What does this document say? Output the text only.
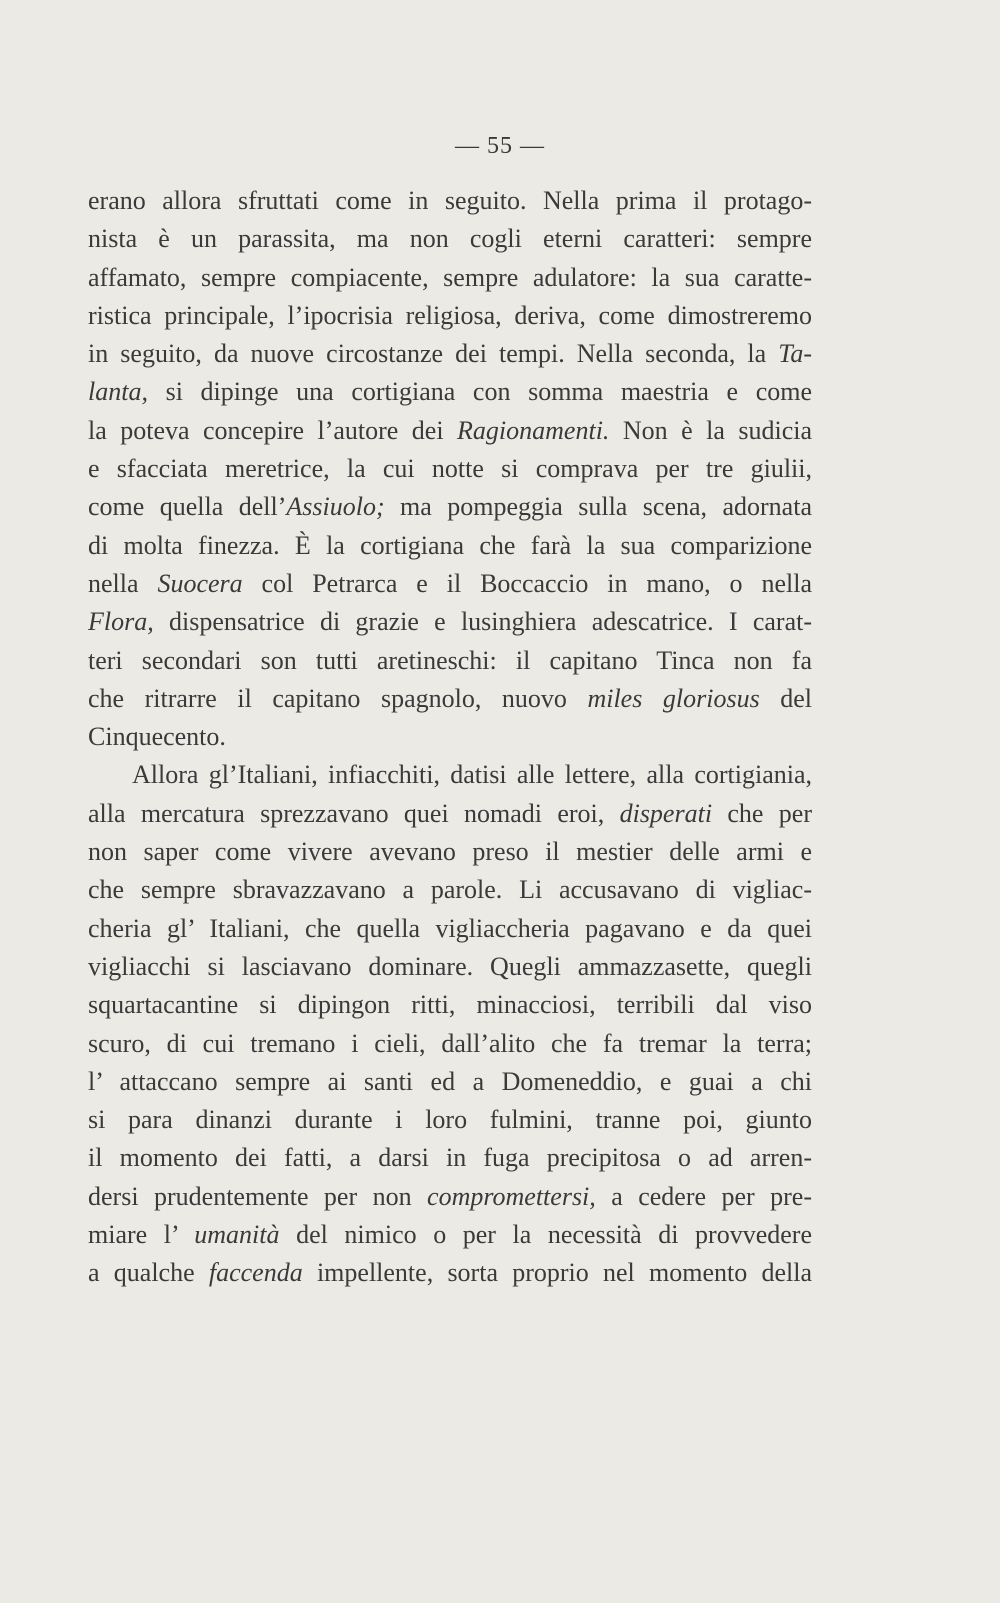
— 55 —
erano allora sfruttati come in seguito. Nella prima il protago-
nista è un parassita, ma non cogli eterni caratteri: sempre
affamato, sempre compiacente, sempre adulatore: la sua caratte-
ristica principale, l’ipocrisia religiosa, deriva, come dimostreremo
in seguito, da nuove circostanze dei tempi. Nella seconda, la Ta-
lanta, si dipinge una cortigiana con somma maestria e come
la poteva concepire l’autore dei Ragionamenti. Non è la sudicia
e sfacciata meretrice, la cui notte si comprava per tre giulii,
come quella dell’Assiuolo; ma pompeggia sulla scena, adornata
di molta finezza. È la cortigiana che farà la sua comparizione
nella Suocera col Petrarca e il Boccaccio in mano, o nella
Flora, dispensatrice di grazie e lusinghiera adescatrice. I carat-
teri secondari son tutti aretineschi: il capitano Tinca non fa
che ritrarre il capitano spagnolo, nuovo miles gloriosus del
Cinquecento.
Allora gl’Italiani, infiacchiti, datisi alle lettere, alla cortigiania,
alla mercatura sprezzavano quei nomadi eroi, disperati che per
non saper come vivere avevano preso il mestier delle armi e
che sempre sbravazzavano a parole. Li accusavano di vigliac-
cheria gl’ Italiani, che quella vigliaccheria pagavano e da quei
vigliacchi si lasciavano dominare. Quegli ammazzasette, quegli
squartacantine si dipingon ritti, minacciosi, terribili dal viso
scuro, di cui tremano i cieli, dall’alito che fa tremar la terra;
l’ attaccano sempre ai santi ed a Domeneddio, e guai a chi
si para dinanzi durante i loro fulmini, tranne poi, giunto
il momento dei fatti, a darsi in fuga precipitosa o ad arren-
dersi prudentemente per non compromettersi, a cedere per pre-
miare l’ umanità del nimico o per la necessità di provvedere
a qualche faccenda impellente, sorta proprio nel momento della
